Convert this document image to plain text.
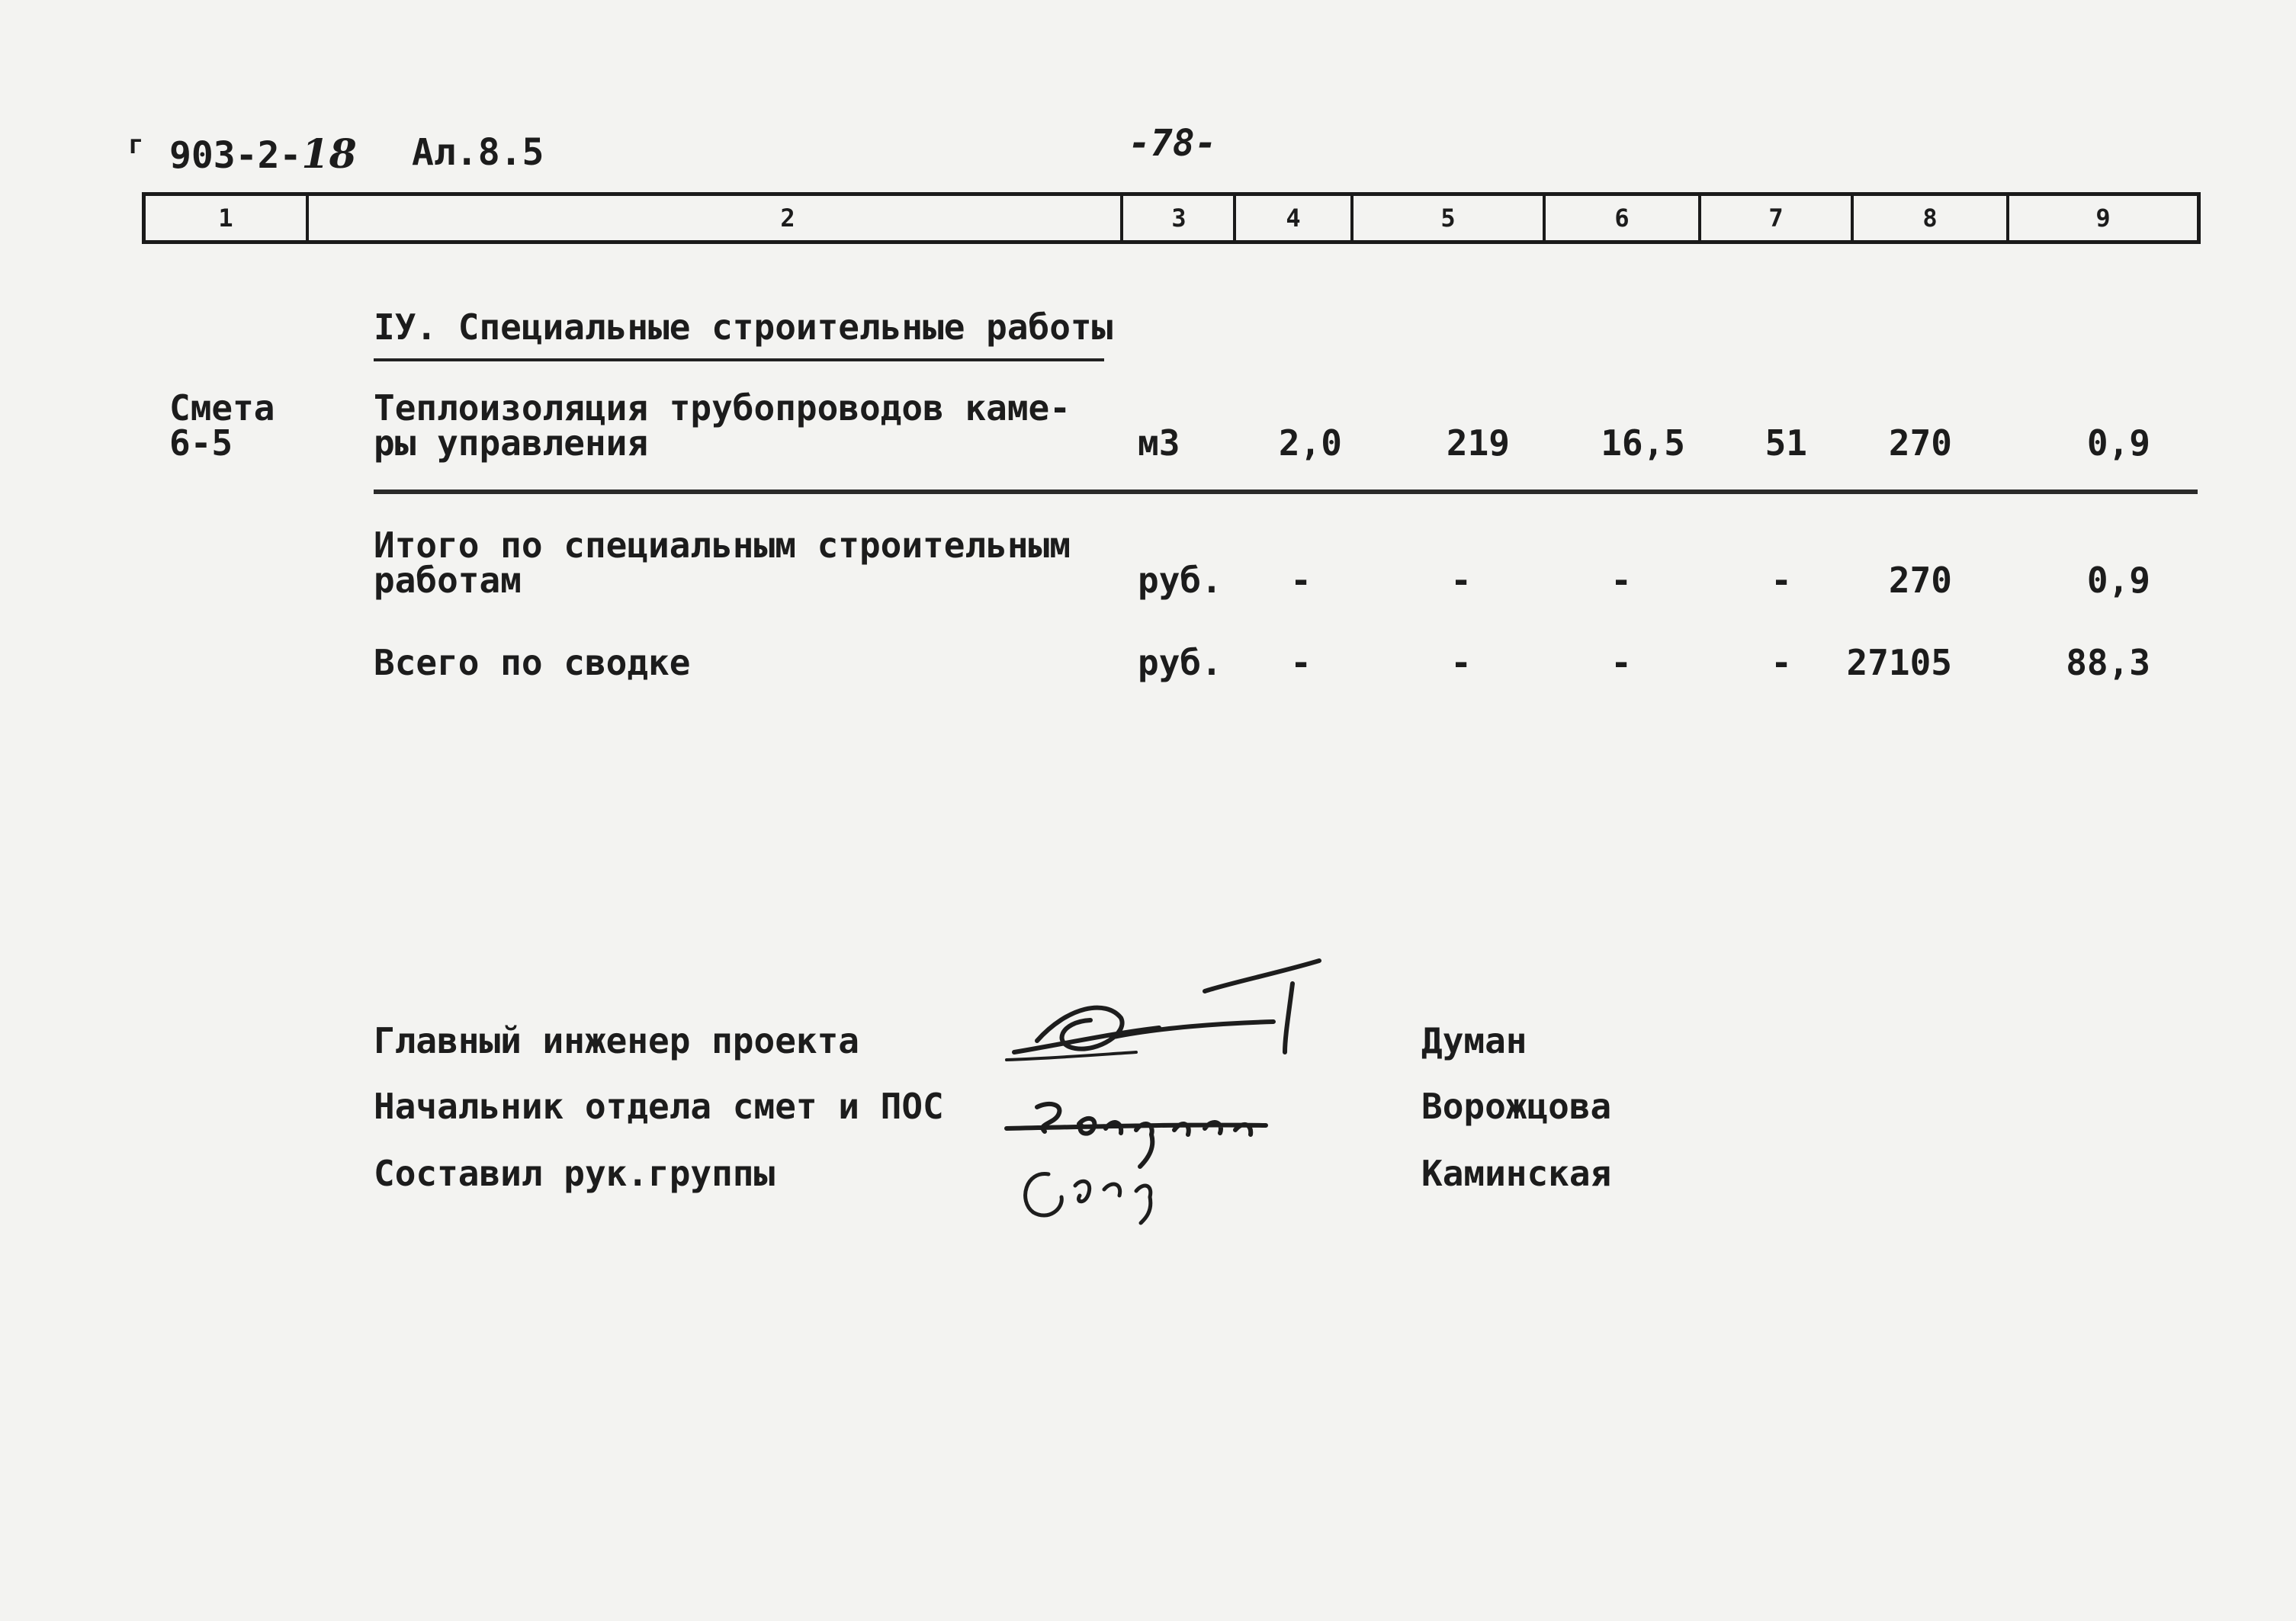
г 903-2-18 Ал.8.5	-78-
1	2	3	4	5	6	7	8	9
IУ. Специальные строительные работы
Смета
6-5
Теплоизоляция трубопроводов каме-
ры управления	м3	2,0	219	16,5	51	270	0,9
Итого по специальным строительным
работам	руб.	-	-	-	-	270	0,9
Всего по сводке	руб.	-	-	-	- 27105	88,3
Главный инженер проекта	Думан
Начальник отдела смет и ПОС	Ворожцова
Составил рук.группы	Каминская
